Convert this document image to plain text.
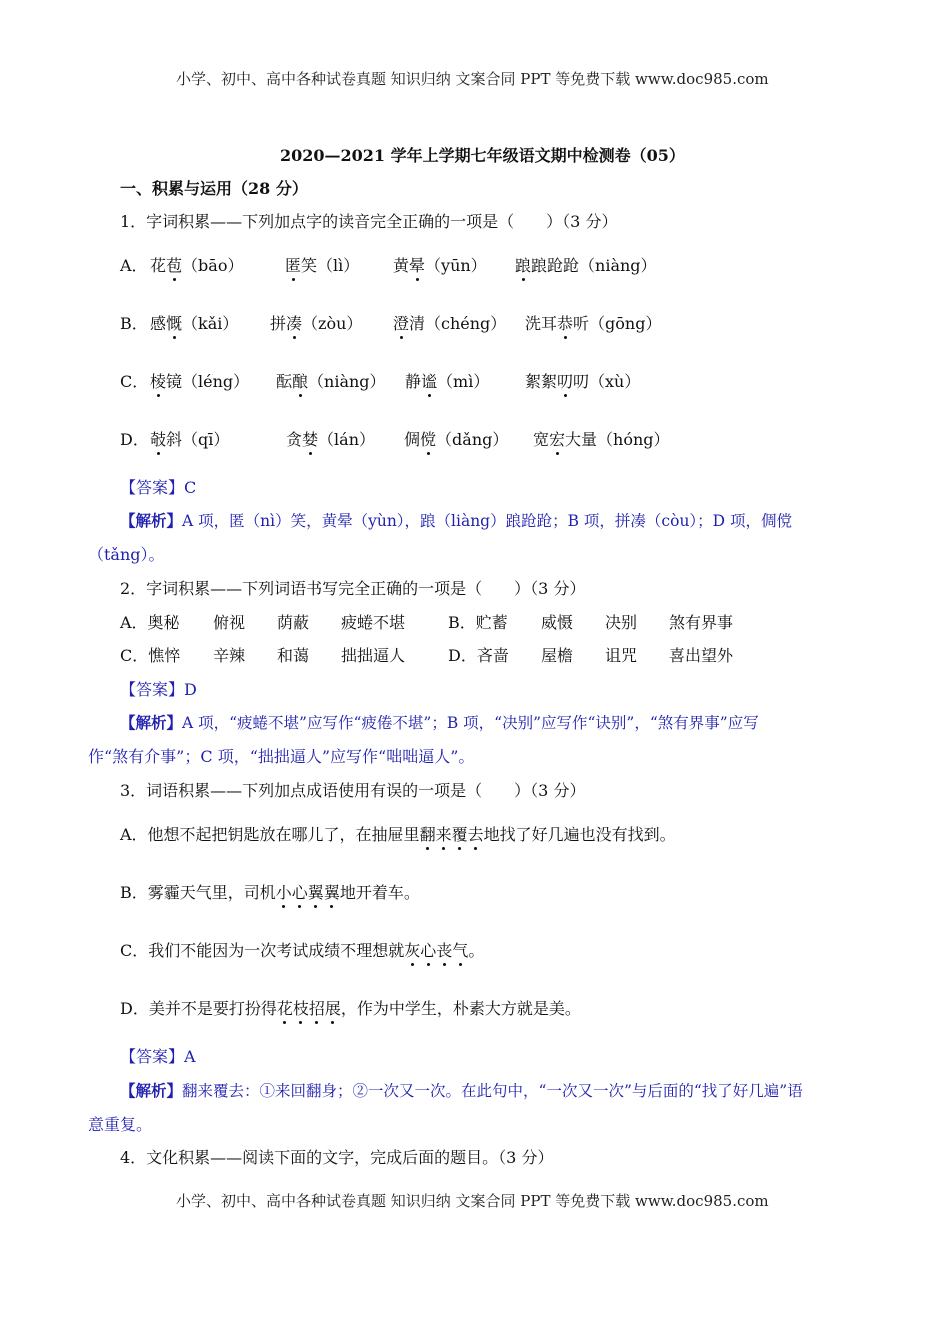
小学、初中、高中各种试卷真题 知识归纳 文案合同 PPT 等免费下载 www.doc985.com
2020—2021 学年上学期七年级语文期中检测卷（05）
一、积累与运用（28 分）
1．字词积累——下列加点字的读音完全正确的一项是（　　）（3 分）
A． 花苞（bāo）	匿笑（lì） 黄晕（yūn） 踉踉跄跄（niàng）
B． 感慨（kǎi） 拼凑（zòu） 澄清（chéng） 洗耳恭听（gōng）
C． 棱镜（léng） 酝酿（niàng） 静谧（mì） 絮絮叨叨（xù）
D． 攲斜（qī）	贪婪（lán） 倜傥（dǎng） 宽宏大量（hóng）
【答案】C
【解析】A 项，匿（nì）笑，黄晕（yùn），踉（liàng）踉跄跄；B 项，拼凑（còu）；D 项，倜傥
（tǎng）。
2．字词积累——下列词语书写完全正确的一项是（　　）（3 分）
A．奥秘 俯视 荫蔽 疲蜷不堪	B．贮蓄 威慑 决别 煞有界事
C．憔悴 辛辣 和蔼 拙拙逼人	D．吝啬 屋檐 诅咒 喜出望外
【答案】D
【解析】A 项，“疲蜷不堪”应写作“疲倦不堪”；B 项，“决别”应写作“诀别”，“煞有界事”应写
作“煞有介事”；C 项，“拙拙逼人”应写作“咄咄逼人”。
3．词语积累——下列加点成语使用有误的一项是（　　）（3 分）
A．他想不起把钥匙放在哪儿了，在抽屉里翻来覆去地找了好几遍也没有找到。
B．雾霾天气里，司机小心翼翼地开着车。
C．我们不能因为一次考试成绩不理想就灰心丧气。
D．美并不是要打扮得花枝招展，作为中学生，朴素大方就是美。
【答案】A
【解析】翻来覆去：①来回翻身；②一次又一次。在此句中，“一次又一次”与后面的“找了好几遍”语
意重复。
4．文化积累——阅读下面的文字，完成后面的题目。（3 分）
小学、初中、高中各种试卷真题 知识归纳 文案合同 PPT 等免费下载 www.doc985.com
